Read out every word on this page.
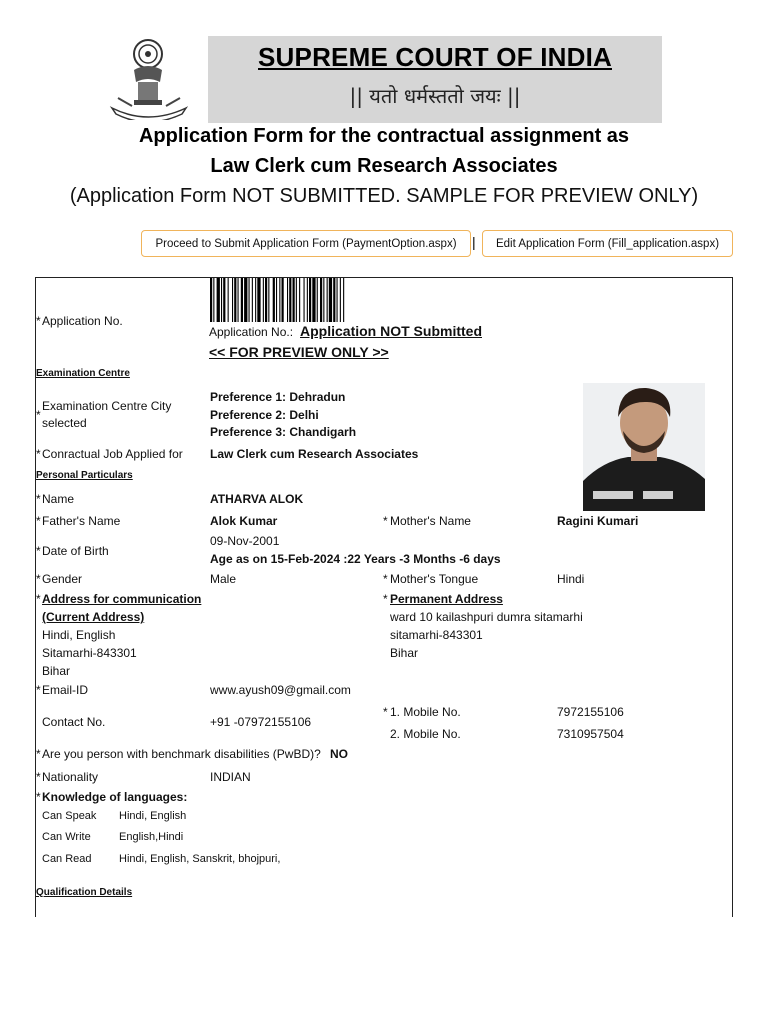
SUPREME COURT OF INDIA
|| यतो धर्मस्ततो जयः ||
Application Form for the contractual assignment as
Law Clerk cum Research Associates
(Application Form NOT SUBMITTED. SAMPLE FOR PREVIEW ONLY)
Proceed to Submit Application Form (PaymentOption.aspx)	|	Edit Application Form (Fill_application.aspx)
* Application No.
Application No.: Application NOT Submitted
<< FOR PREVIEW ONLY >>
Examination Centre
*
Examination Centre City
selected
Preference 1: Dehradun
Preference 2: Delhi
Preference 3: Chandigarh
* Conractual Job Applied for Law Clerk cum Research Associates
Personal Particulars
* Name	ATHARVA ALOK
* Father's Name	Alok Kumar	* Mother's Name	Ragini Kumari
* Date of Birth
09-Nov-2001
Age as on 15-Feb-2024 :22 Years -3 Months -6 days
* Gender	Male	* Mother's Tongue	Hindi
* Address for communication
(Current Address)
Hindi, English
Sitamarhi-843301
Bihar
* Permanent Address
ward 10 kailashpuri dumra sitamarhi
sitamarhi-843301
Bihar
* Email-ID	www.ayush09@gmail.com
Contact No.	+91 -07972155106
* 1. Mobile No.	7972155106
2. Mobile No.	7310957504
* Are you person with benchmark disabilities (PwBD)? NO
* Nationality	INDIAN
* Knowledge of languages:
Can Speak Hindi, English
Can Write	English,Hindi
Can Read Hindi, English, Sanskrit, bhojpuri,
Qualification Details
